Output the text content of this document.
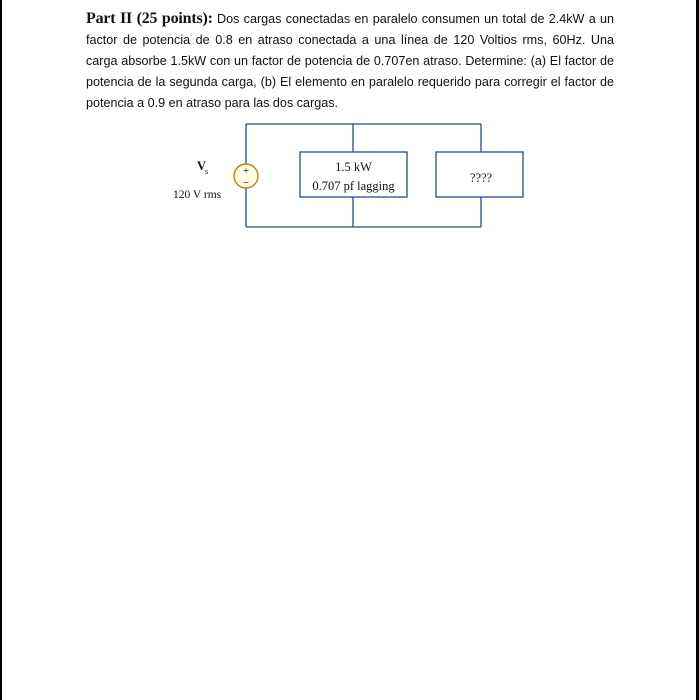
Part II (25 points): Dos cargas conectadas en paralelo consumen un total de 2.4kW a un factor de potencia de 0.8 en atraso conectada a una línea de 120 Voltios rms, 60Hz. Una carga absorbe 1.5kW con un factor de potencia de 0.707en atraso. Determine: (a) El factor de potencia de la segunda carga, (b) El elemento en paralelo requerido para corregir el factor de potencia a 0.9 en atraso para las dos cargas.
+
−
V
s
120 V rms
1.5 kW
0.707 pf lagging
????
